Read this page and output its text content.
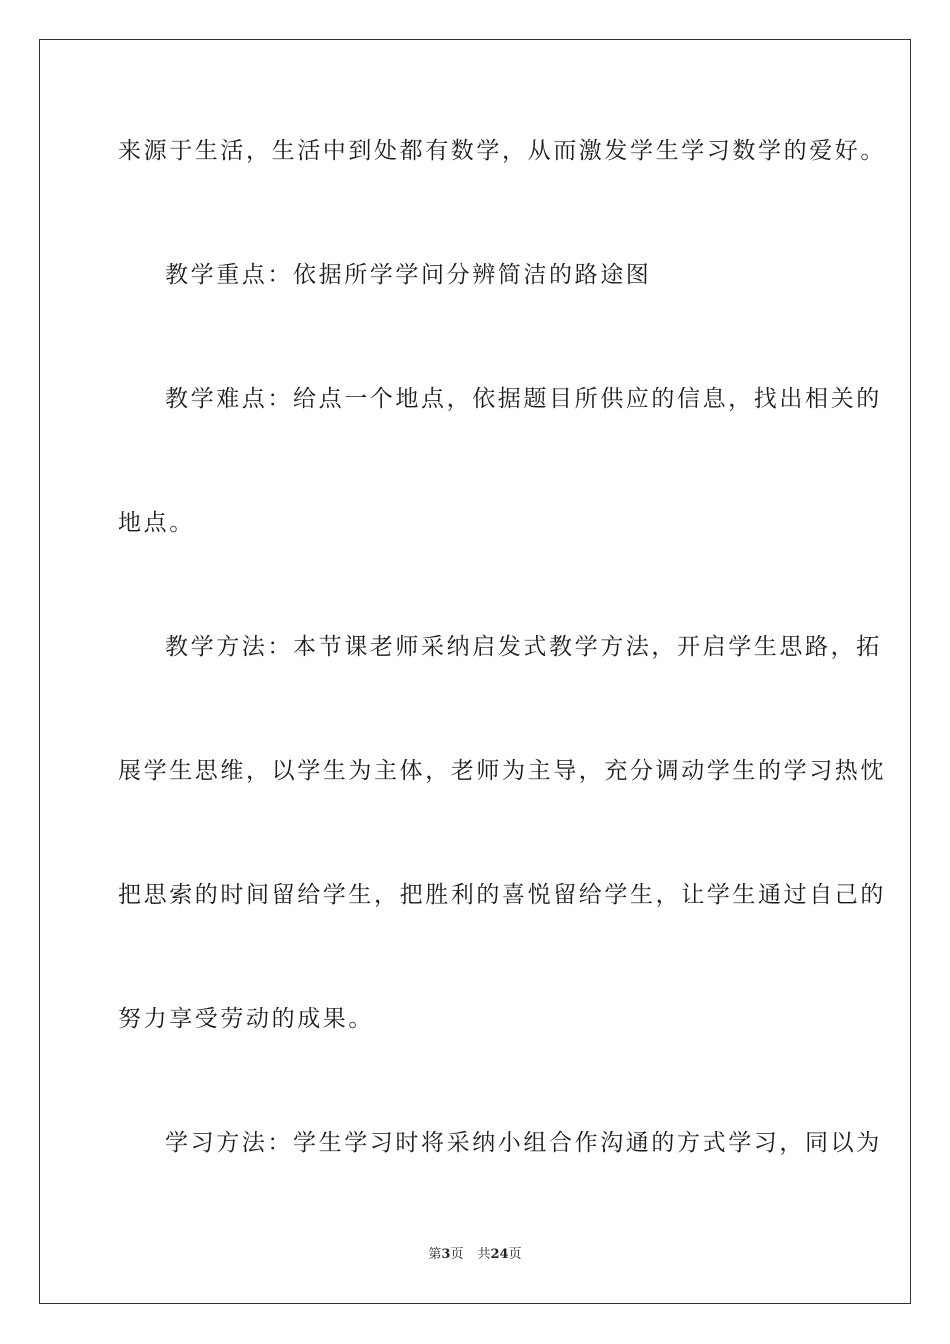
来源于生活，生活中到处都有数学，从而激发学生学习数学的爱好。
教学重点：依据所学学问分辨简洁的路途图
教学难点：给点一个地点，依据题目所供应的信息，找出相关的
地点。
教学方法：本节课老师采纳启发式教学方法，开启学生思路，拓
展学生思维，以学生为主体，老师为主导，充分调动学生的学习热忱
把思索的时间留给学生，把胜利的喜悦留给学生，让学生通过自己的
努力享受劳动的成果。
学习方法：学生学习时将采纳小组合作沟通的方式学习，同以为
第3页 共24页
